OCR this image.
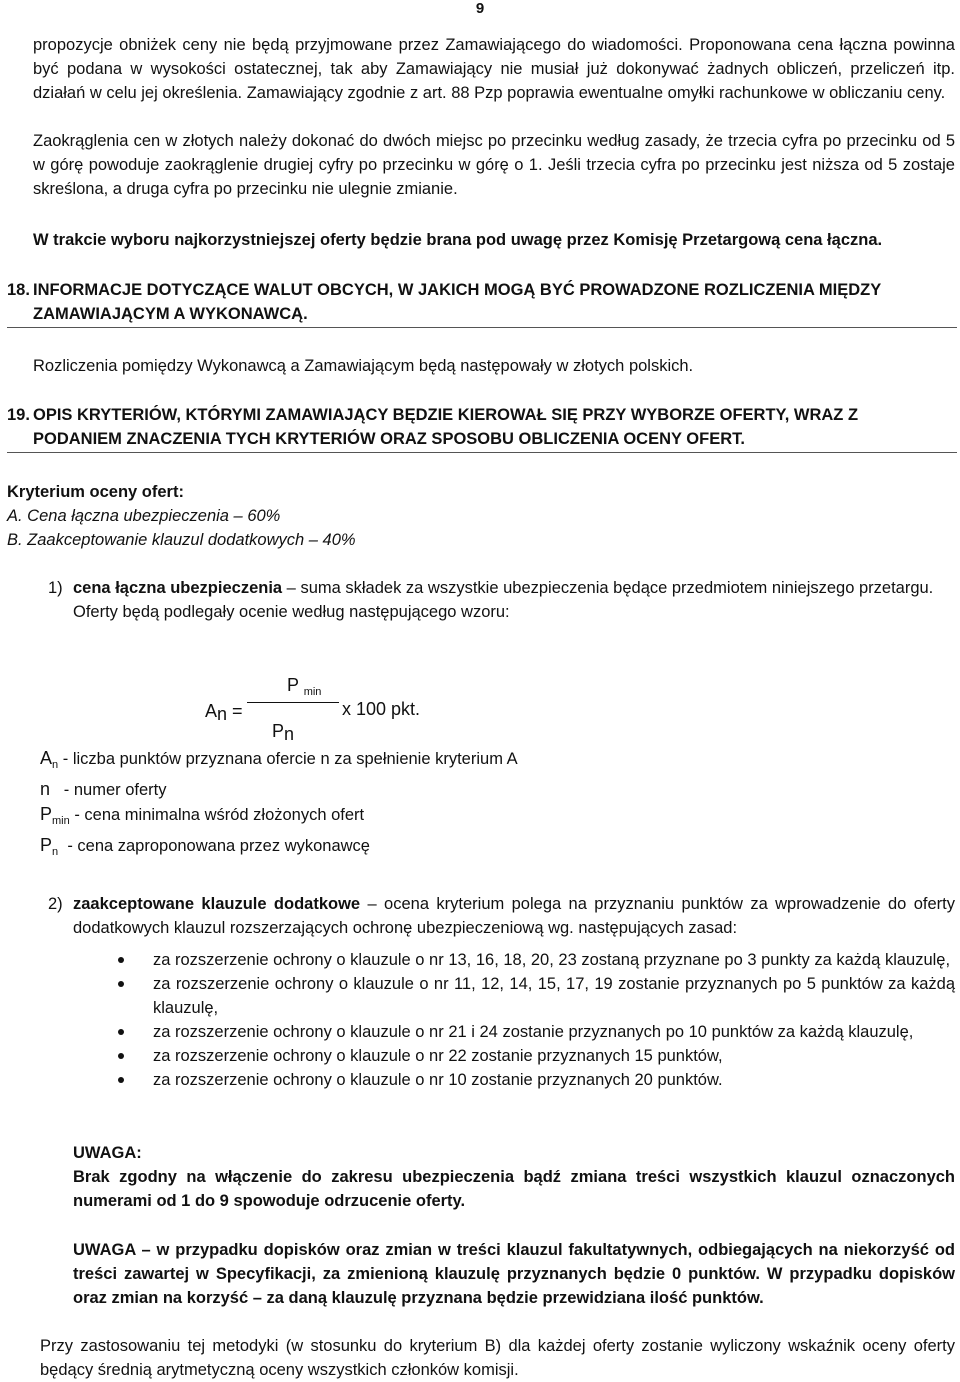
9
propozycje obniżek ceny nie będą przyjmowane przez Zamawiającego do wiadomości. Proponowana cena łączna powinna być podana w wysokości ostatecznej, tak aby Zamawiający nie musiał już dokonywać żadnych obliczeń, przeliczeń itp. działań w celu jej określenia. Zamawiający zgodnie z art. 88 Pzp poprawia ewentualne omyłki rachunkowe w obliczaniu ceny.
Zaokrąglenia cen w złotych należy dokonać do dwóch miejsc po przecinku według zasady, że trzecia cyfra po przecinku od 5 w górę powoduje zaokrąglenie drugiej cyfry po przecinku w górę o 1. Jeśli trzecia cyfra po przecinku jest niższa od 5 zostaje skreślona, a druga cyfra po przecinku nie ulegnie zmianie.
W trakcie wyboru najkorzystniejszej oferty będzie brana pod uwagę przez Komisję Przetargową cena łączna.
18. INFORMACJE DOTYCZĄCE WALUT OBCYCH, W JAKICH MOGĄ BYĆ PROWADZONE ROZLICZENIA MIĘDZY
ZAMAWIAJĄCYM A WYKONAWCĄ.
Rozliczenia pomiędzy Wykonawcą a Zamawiającym będą następowały w złotych polskich.
19. OPIS KRYTERIÓW, KTÓRYMI ZAMAWIAJĄCY BĘDZIE KIEROWAŁ SIĘ PRZY WYBORZE OFERTY, WRAZ Z
PODANIEM ZNACZENIA TYCH KRYTERIÓW ORAZ SPOSOBU OBLICZENIA OCENY OFERT.
Kryterium oceny ofert:
A. Cena łączna ubezpieczenia – 60%
B. Zaakceptowanie klauzul dodatkowych – 40%
1) cena łączna ubezpieczenia – suma składek za wszystkie ubezpieczenia będące przedmiotem niniejszego przetargu.
Oferty będą podlegały ocenie według następującego wzoru:
P $_{min}$
An =	x 100 pkt.
Pn
$A_n$ - liczba punktów przyznana ofercie n za spełnienie kryterium A
n - numer oferty
$P_{min}$ - cena minimalna wśród złożonych ofert
$P_n$ - cena zaproponowana przez wykonawcę
2) zaakceptowane klauzule dodatkowe – ocena kryterium polega na przyznaniu punktów za wprowadzenie do oferty dodatkowych klauzul rozszerzających ochronę ubezpieczeniową wg. następujących zasad:
za rozszerzenie ochrony o klauzule o nr 13, 16, 18, 20, 23 zostaną przyznane po 3 punkty za każdą klauzulę,
za rozszerzenie ochrony o klauzule o nr 11, 12, 14, 15, 17, 19 zostanie przyznanych po 5 punktów za każdą klauzulę,
za rozszerzenie ochrony o klauzule o nr 21 i 24 zostanie przyznanych po 10 punktów za każdą klauzulę,
za rozszerzenie ochrony o klauzule o nr 22 zostanie przyznanych 15 punktów,
za rozszerzenie ochrony o klauzule o nr 10 zostanie przyznanych 20 punktów.
UWAGA:
Brak zgodny na włączenie do zakresu ubezpieczenia bądź zmiana treści wszystkich klauzul oznaczonych numerami od 1 do 9 spowoduje odrzucenie oferty.
UWAGA – w przypadku dopisków oraz zmian w treści klauzul fakultatywnych, odbiegających na niekorzyść od treści zawartej w Specyfikacji, za zmienioną klauzulę przyznanych będzie 0 punktów. W przypadku dopisków oraz zmian na korzyść – za daną klauzulę przyznana będzie przewidziana ilość punktów.
Przy zastosowaniu tej metodyki (w stosunku do kryterium B) dla każdej oferty zostanie wyliczony wskaźnik oceny oferty będący średnią arytmetyczną oceny wszystkich członków komisji.
